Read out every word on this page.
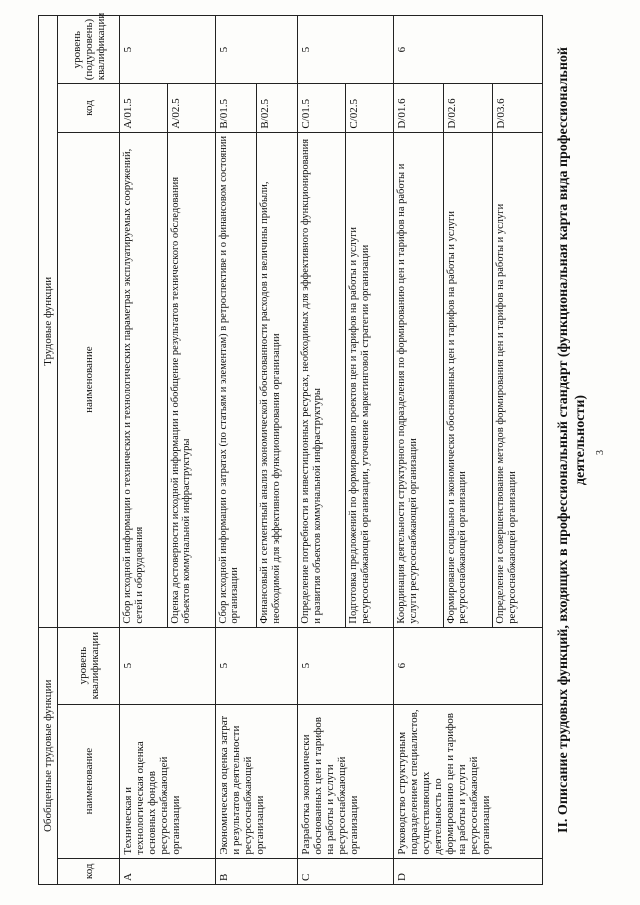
3
II. Описание трудовых функций, входящих в профессиональный стандарт (функциональная карта вида профессиональной деятельности)
Обобщенные трудовые функции			Трудовые функции		
код	наименование	уровень квалификации	наименование	код	уровень (подуровень) квалификации
A	Техническая и технологическая оценка основных фондов ресурсоснабжающей организации	5	Сбор исходной информации о технических и технологических параметрах эксплуатируемых сооружений, сетей и оборудования	A/01.5	5
			Оценка достоверности исходной информации и обобщение результатов технического обследования объектов коммунальной инфраструктуры	A/02.5	
B	Экономическая оценка затрат и результатов деятельности ресурсоснабжающей организации	5	Сбор исходной информации о затратах (по статьям и элементам) в ретроспективе и о финансовом состоянии организации	B/01.5	5
			Финансовый и сегментный анализ экономической обоснованности расходов и величины прибыли, необходимой для эффективного функционирования организации	B/02.5	
C	Разработка экономически обоснованных цен и тарифов на работы и услуги ресурсоснабжающей организации	5	Определение потребности в инвестиционных ресурсах, необходимых для эффективного функционирования и развития объектов коммунальной инфраструктуры	C/01.5	5
			Подготовка предложений по формированию проектов цен и тарифов на работы и услуги ресурсоснабжающей организации, уточнение маркетинговой стратегии организации	C/02.5	
D	Руководство структурным подразделением специалистов, осуществляющих деятельность по формированию цен и тарифов на работы и услуги ресурсоснабжающей организации	6	Координация деятельности структурного подразделения по формированию цен и тарифов на работы и услуги ресурсоснабжающей организации	D/01.6	6
			Формирование социально и экономически обоснованных цен и тарифов на работы и услуги ресурсоснабжающей организации	D/02.6	
			Определение и совершенствование методов формирования цен и тарифов на работы и услуги ресурсоснабжающей организации	D/03.6	
